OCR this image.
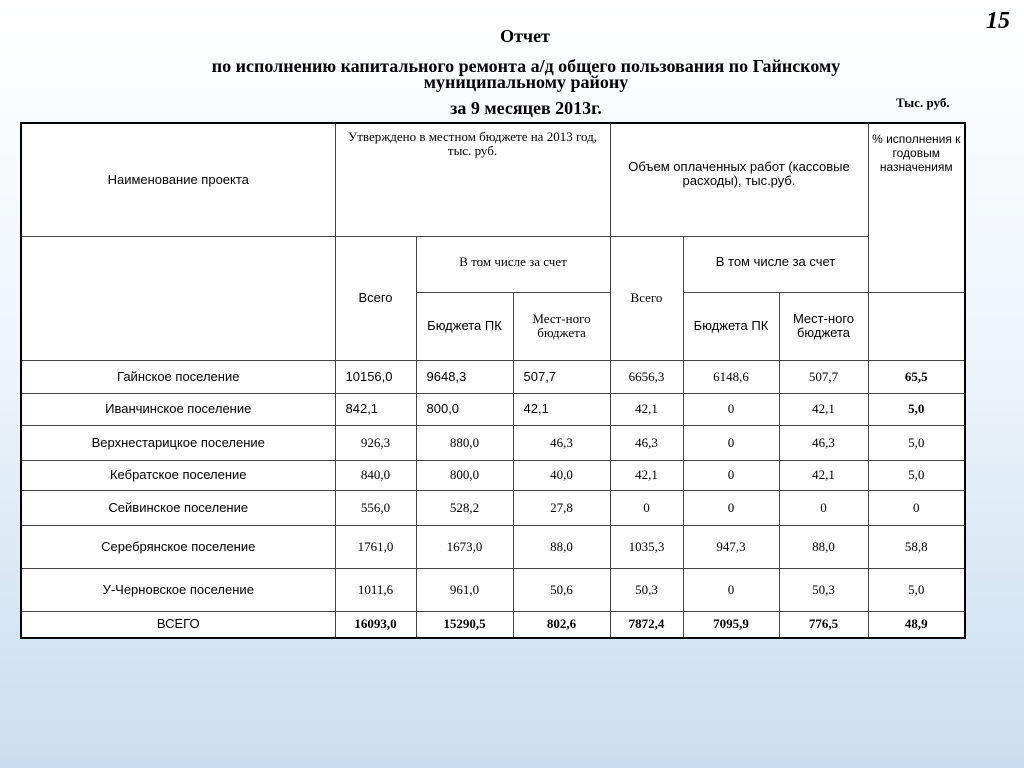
15
Отчет
по исполнению капитального ремонта а/д общего пользования по Гайнскому
муниципальному району
за 9 месяцев 2013г.	Тыс. руб.
Наименование проекта	Утверждено в местном бюджете на 2013 год, тыс. руб.			Объем оплаченных работ (кассовые расходы), тыс.руб.			% исполнения к годовым назначениям
	Всего	В том числе за счет		Всего	В том числе за счет		
		Бюджета ПК	Мест-ного бюджета		Бюджета ПК	Мест-ного бюджета	
Гайнское поселение	10156,0	9648,3	507,7	6656,3	6148,6	507,7	65,5
Иванчинское поселение	842,1	800,0	42,1	42,1	0	42,1	5,0
Верхнестарицкое поселение	926,3	880,0	46,3	46,3	0	46,3	5,0
Кебратское поселение	840,0	800,0	40,0	42,1	0	42,1	5,0
Сейвинское поселение	556,0	528,2	27,8	0	0	0	0
Серебрянское поселение	1761,0	1673,0	88,0	1035,3	947,3	88,0	58,8
У-Черновское поселение	1011,6	961,0	50,6	50,3	0	50,3	5,0
ВСЕГО	16093,0	15290,5	802,6	7872,4	7095,9	776,5	48,9
